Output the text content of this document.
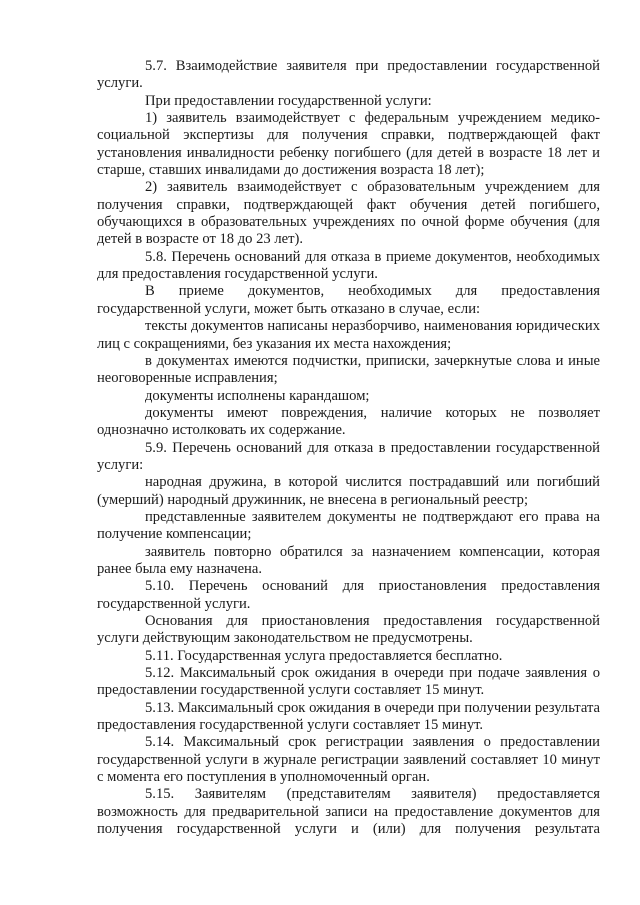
5.7. Взаимодействие заявителя при предоставлении государственной услуги.

При предоставлении государственной услуги:

1) заявитель взаимодействует с федеральным учреждением медико-социальной экспертизы для получения справки, подтверждающей факт установления инвалидности ребенку погибшего (для детей в возрасте 18 лет и старше, ставших инвалидами до достижения возраста 18 лет);

2) заявитель взаимодействует с образовательным учреждением для получения справки, подтверждающей факт обучения детей погибшего, обучающихся в образовательных учреждениях по очной форме обучения (для детей в возрасте от 18 до 23 лет).

5.8. Перечень оснований для отказа в приеме документов, необходимых для предоставления государственной услуги.

В приеме документов, необходимых для предоставления государственной услуги, может быть отказано в случае, если:

тексты документов написаны неразборчиво, наименования юридических лиц с сокращениями, без указания их места нахождения;

в документах имеются подчистки, приписки, зачеркнутые слова и иные неоговоренные исправления;

документы исполнены карандашом;

документы имеют повреждения, наличие которых не позволяет однозначно истолковать их содержание.

5.9. Перечень оснований для отказа в предоставлении государственной услуги:

народная дружина, в которой числится пострадавший или погибший (умерший) народный дружинник, не внесена в региональный реестр;

представленные заявителем документы не подтверждают его права на получение компенсации;

заявитель повторно обратился за назначением компенсации, которая ранее была ему назначена.

5.10. Перечень оснований для приостановления предоставления государственной услуги.

Основания для приостановления предоставления государственной услуги действующим законодательством не предусмотрены.

5.11. Государственная услуга предоставляется бесплатно.

5.12. Максимальный срок ожидания в очереди при подаче заявления о предоставлении государственной услуги составляет 15 минут.

5.13. Максимальный срок ожидания в очереди при получении результата предоставления государственной услуги составляет 15 минут.

5.14. Максимальный срок регистрации заявления о предоставлении государственной услуги в журнале регистрации заявлений составляет 10 минут с момента его поступления в уполномоченный орган.

5.15. Заявителям (представителям заявителя) предоставляется возможность для предварительной записи на предоставление документов для получения государственной услуги и (или) для получения результата
